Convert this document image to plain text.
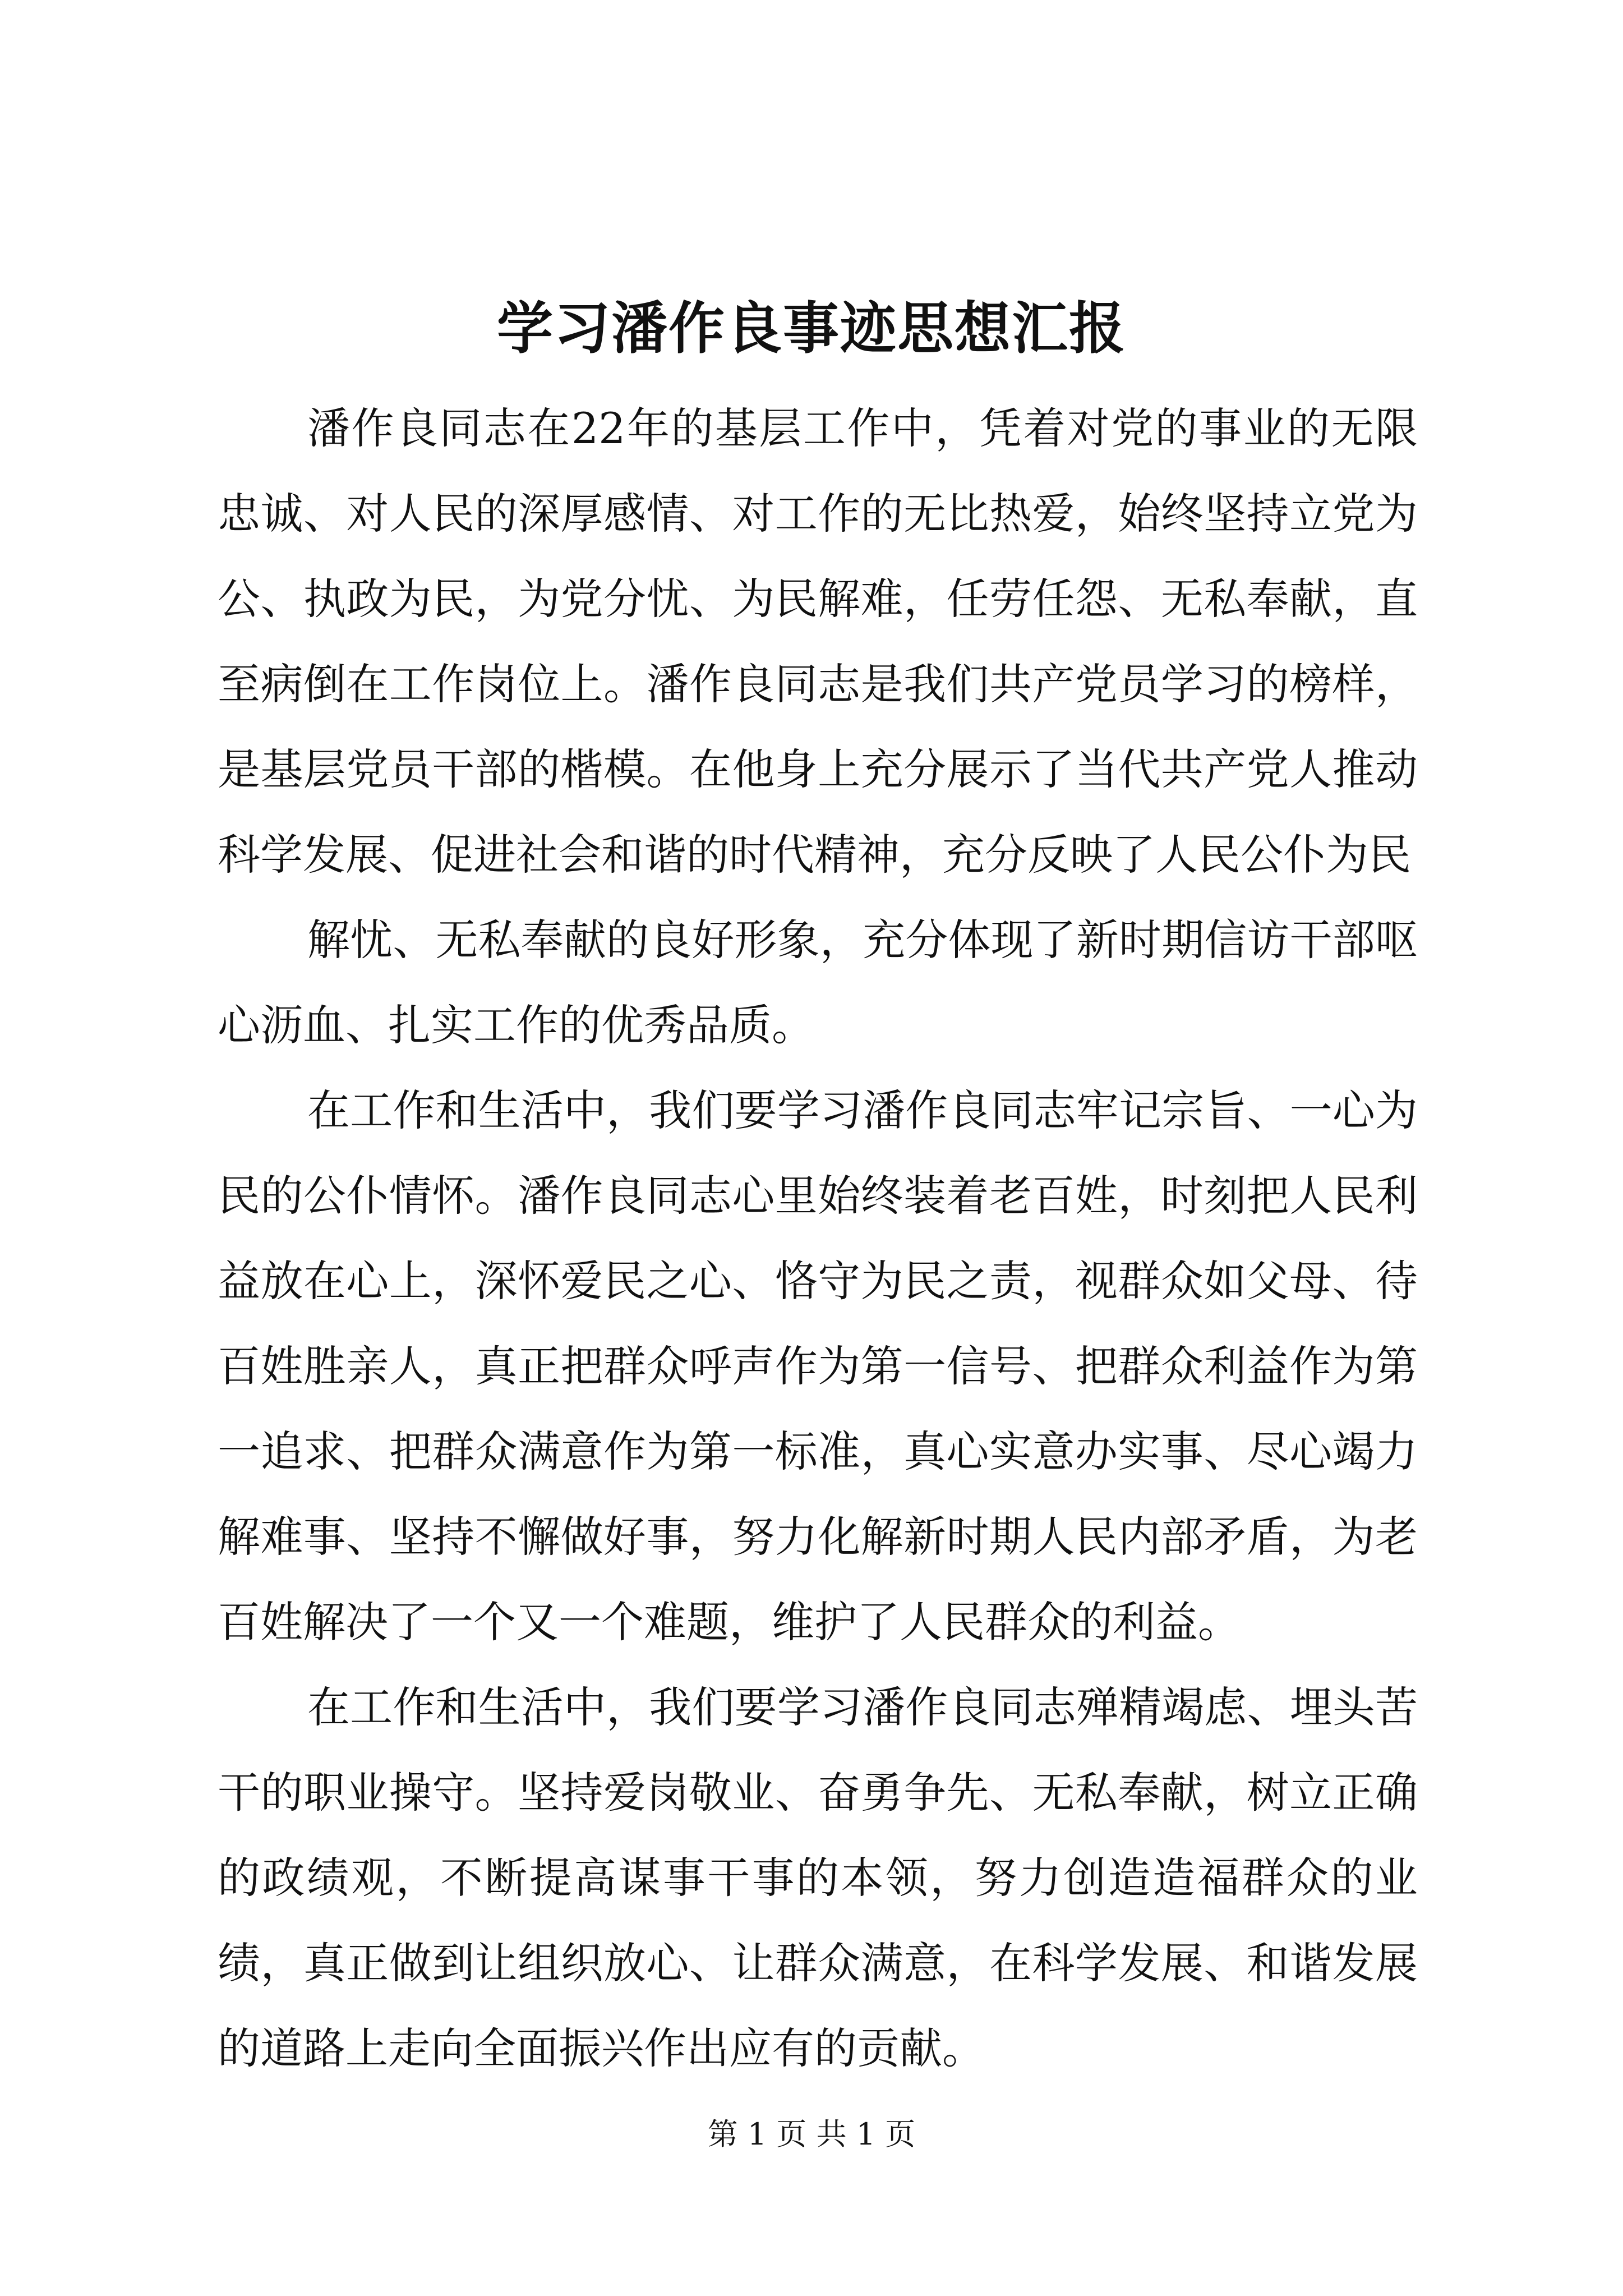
学习潘作良事迹思想汇报

潘作良同志在22年的基层工作中，凭着对党的事业的无限忠诚、对人民的深厚感情、对工作的无比热爱，始终坚持立党为公、执政为民，为党分忧、为民解难，任劳任怨、无私奉献，直至病倒在工作岗位上。潘作良同志是我们共产党员学习的榜样，是基层党员干部的楷模。在他身上充分展示了当代共产党人推动科学发展、促进社会和谐的时代精神，充分反映了人民公仆为民

解忧、无私奉献的良好形象，充分体现了新时期信访干部呕心沥血、扎实工作的优秀品质。

在工作和生活中，我们要学习潘作良同志牢记宗旨、一心为民的公仆情怀。潘作良同志心里始终装着老百姓，时刻把人民利益放在心上，深怀爱民之心、恪守为民之责，视群众如父母、待百姓胜亲人，真正把群众呼声作为第一信号、把群众利益作为第一追求、把群众满意作为第一标准，真心实意办实事、尽心竭力解难事、坚持不懈做好事，努力化解新时期人民内部矛盾，为老百姓解决了一个又一个难题，维护了人民群众的利益。

在工作和生活中，我们要学习潘作良同志殚精竭虑、埋头苦干的职业操守。坚持爱岗敬业、奋勇争先、无私奉献，树立正确的政绩观，不断提高谋事干事的本领，努力创造造福群众的业绩，真正做到让组织放心、让群众满意，在科学发展、和谐发展的道路上走向全面振兴作出应有的贡献。

第 1 页 共 1 页
